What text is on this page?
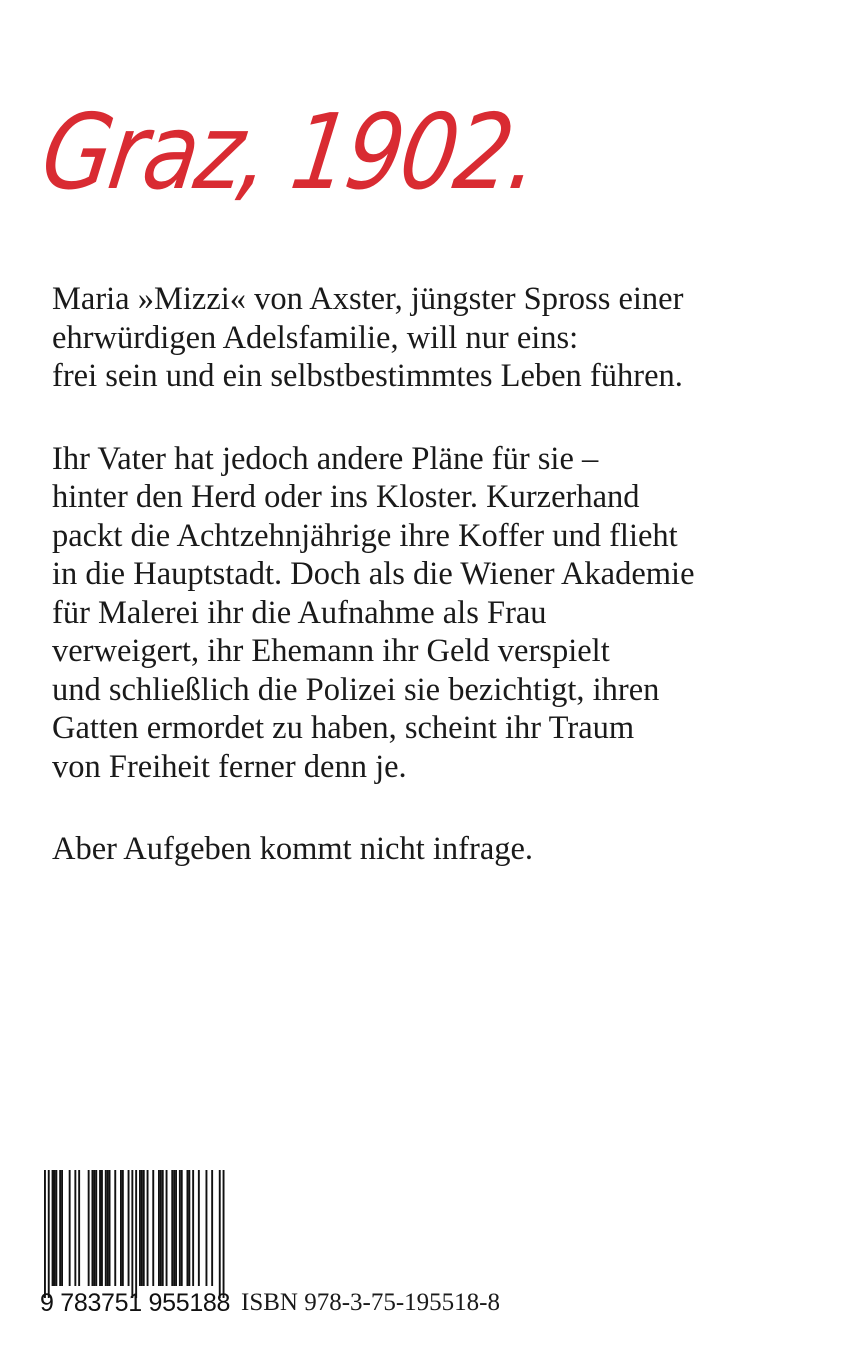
Graz, 1902.

Maria »Mizzi« von Axster, jüngster Spross einer
ehrwürdigen Adelsfamilie, will nur eins:
frei sein und ein selbstbestimmtes Leben führen.

Ihr Vater hat jedoch andere Pläne für sie –
hinter den Herd oder ins Kloster. Kurzerhand
packt die Achtzehnjährige ihre Koffer und flieht
in die Hauptstadt. Doch als die Wiener Akademie
für Malerei ihr die Aufnahme als Frau
verweigert, ihr Ehemann ihr Geld verspielt
und schließlich die Polizei sie bezichtigt, ihren
Gatten ermordet zu haben, scheint ihr Traum
von Freiheit ferner denn je.

Aber Aufgeben kommt nicht infrage.

9 783751 955188 ISBN 978-3-75-195518-8
